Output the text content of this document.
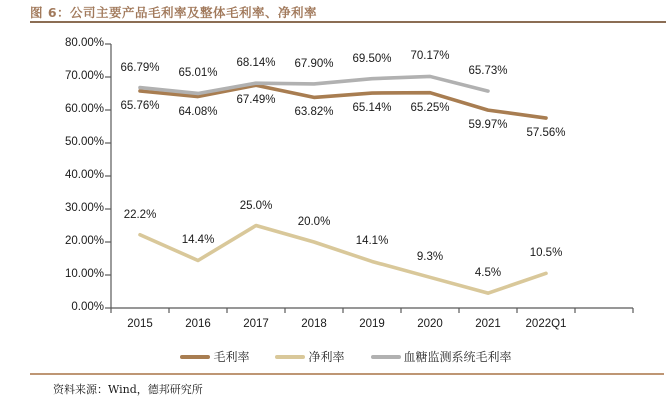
图 6：公司主要产品毛利率及整体毛利率、净利率
0.00%
10.00%
20.00%
30.00%
40.00%
50.00%
60.00%
70.00%
80.00%
2015	2016	2017	2018	2019	2020	2021	2022Q1
65.76% 64.08%
67.49%
63.82% 65.14% 65.25%
59.97%
57.56%
22.2%
14.4%
25.0%
20.0%
14.1%
9.3%
4.5%
10.5%
66.79% 65.01%
68.14% 67.90% 69.50% 70.17%
65.73%
毛利率	净利率	血糖监测系统毛利率
资料来源：Wind，德邦研究所
